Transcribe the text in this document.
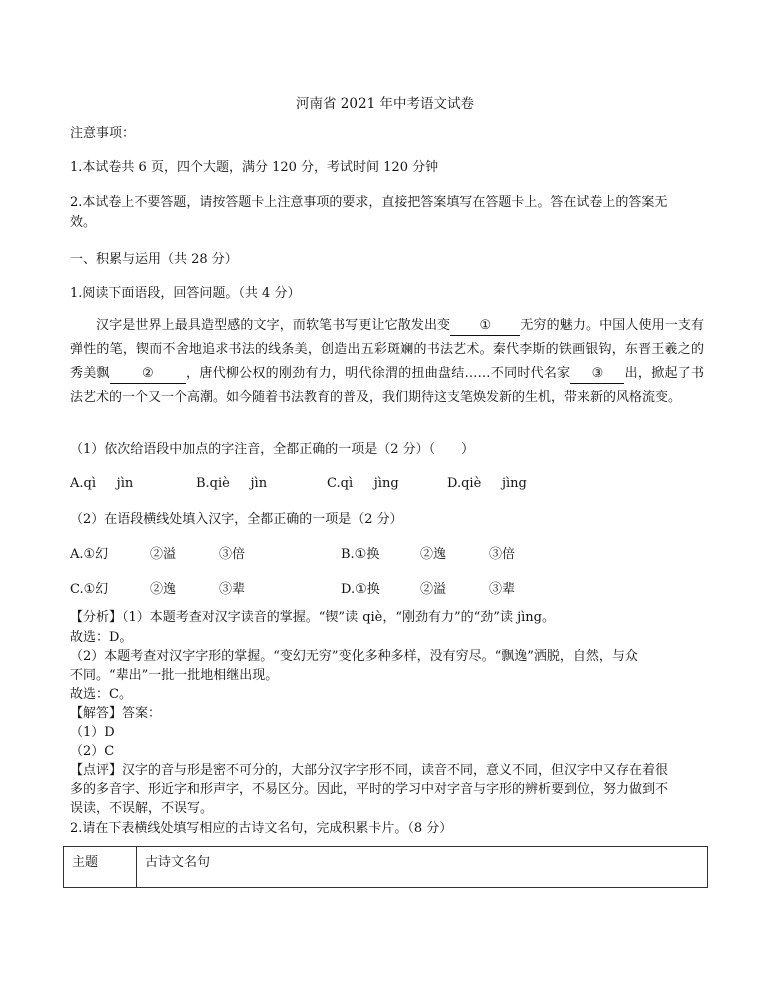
河南省 2021 年中考语文试卷
注意事项：
1.本试卷共 6 页，四个大题，满分 120 分，考试时间 120 分钟
2.本试卷上不要答题，请按答题卡上注意事项的要求，直接把答案填写在答题卡上。答在试卷上的答案无
效。
一、积累与运用（共 28 分）
1.阅读下面语段，回答问题。（共 4 分）
汉字是世界上最具造型感的文字，而软笔书写更让它散发出变 ① 无穷的魅力。中国人使用一支有弹性的笔，锲而不舍地追求书法的线条美，创造出五彩斑斓的书法艺术。秦代李斯的铁画银钩，东晋王羲之的秀美飘 ② ，唐代柳公权的刚劲有力，明代徐渭的扭曲盘结……不同时代名家 ③ 出，掀起了书法艺术的一个又一个高潮。如今随着书法教育的普及，我们期待这支笔焕发新的生机，带来新的风格流变。
（1）依次给语段中加点的字注音，全都正确的一项是（2 分）（　　）
A.qì jìn	B.qiè jìn	C.qì jìng	D.qiè jìng
（2）在语段横线处填入汉字，全都正确的一项是（2 分）
A.①幻	②溢	③倍	B.①换	②逸	③倍
C.①幻	②逸	③辈	D.①换	②溢	③辈
【分析】（1）本题考查对汉字读音的掌握。“锲”读 qiè，“刚劲有力”的“劲”读 jìng。
故选：D。
（2）本题考查对汉字字形的掌握。“变幻无穷”变化多种多样，没有穷尽。“飘逸”洒脱，自然，与众
不同。“辈出”一批一批地相继出现。
故选：C。
【解答】答案：
（1）D
（2）C
【点评】汉字的音与形是密不可分的，大部分汉字字形不同，读音不同，意义不同，但汉字中又存在着很
多的多音字、形近字和形声字，不易区分。因此，平时的学习中对字音与字形的辨析要到位，努力做到不
误读，不误解，不误写。
2.请在下表横线处填写相应的古诗文名句，完成积累卡片。（8 分）
主题	古诗文名句
